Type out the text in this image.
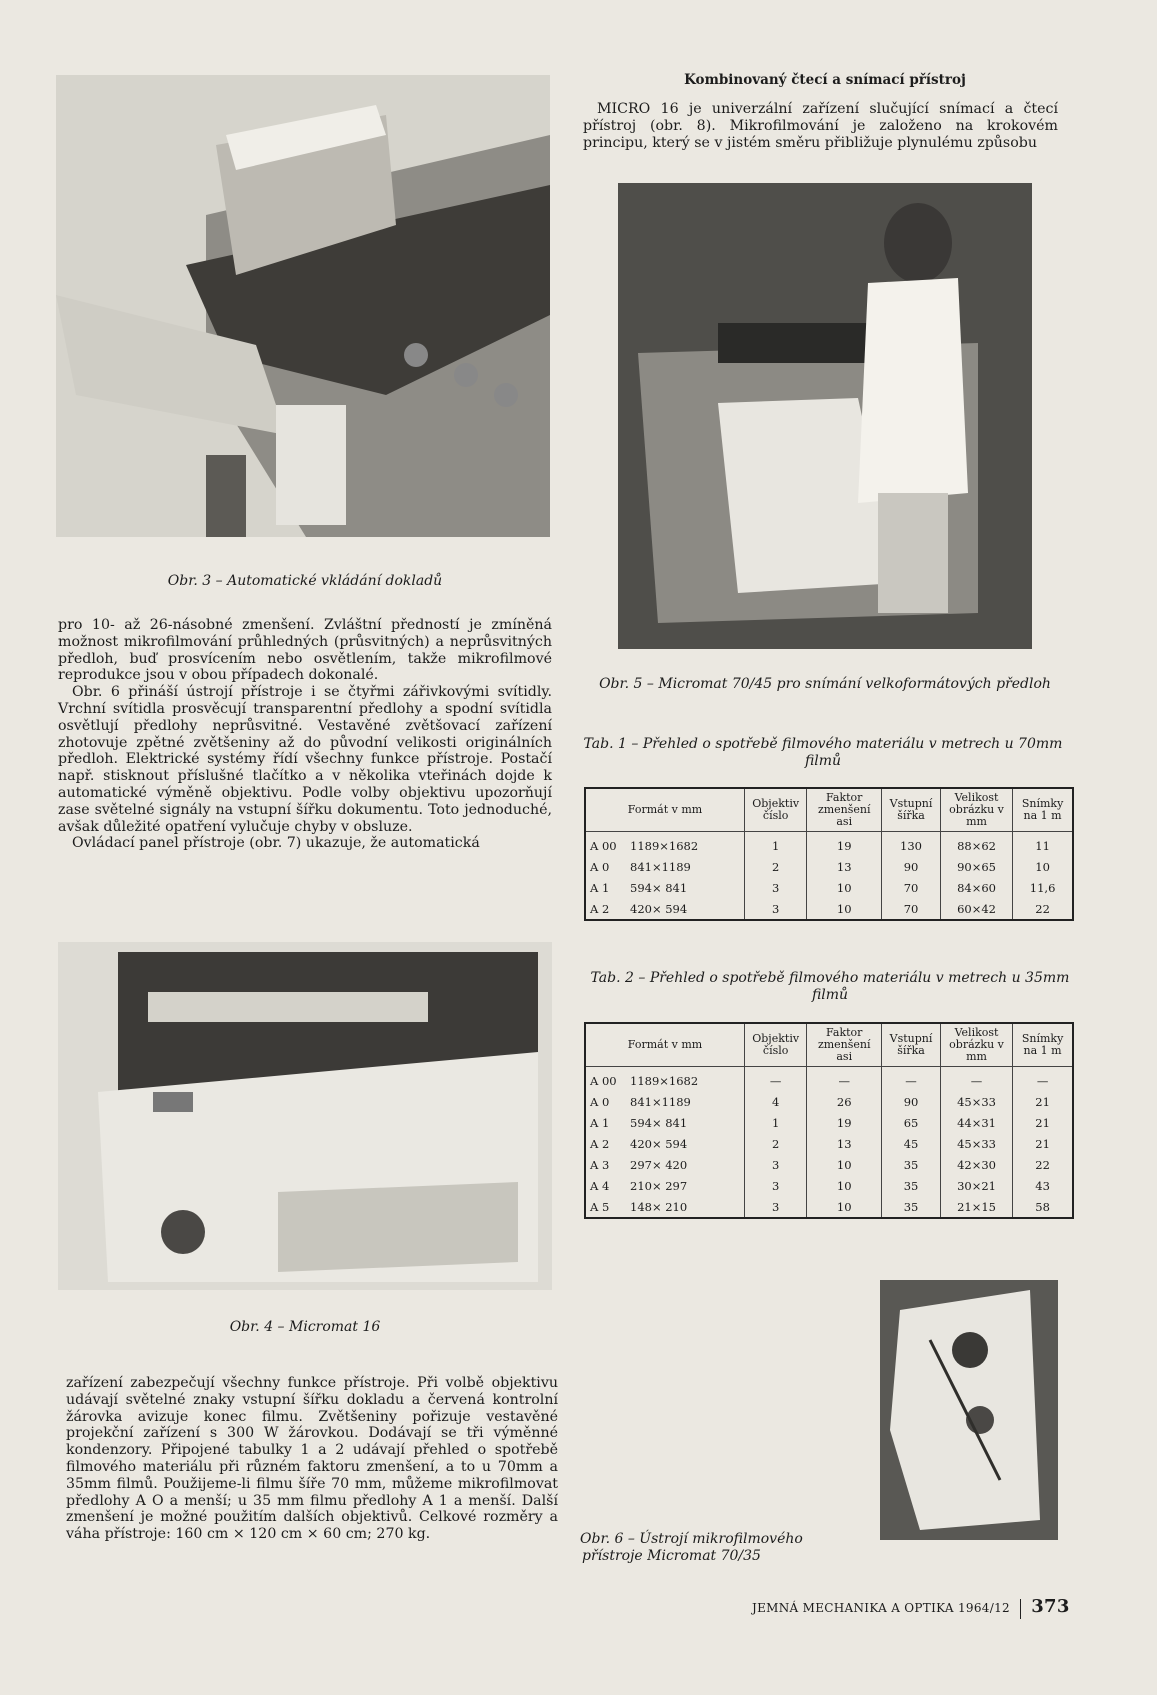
Obr. 3 – Automatické vkládání dokladů
Kombinovaný čtecí a snímací přístroj

MICRO 16 je univerzální zařízení slučující snímací a čtecí přístroj (obr. 8). Mikrofilmování je založeno na krokovém principu, který se v jistém směru přibližuje plynulému způsobu

Obr. 5 – Micromat 70/45 pro snímání velkoformátových předloh

pro 10- až 26-násobné zmenšení. Zvláštní předností je zmíněná možnost mikrofilmování průhledných (průsvitných) a neprůsvitných předloh, buď prosvícením nebo osvětlením, takže mikrofilmové reprodukce jsou v obou případech dokonalé.

Obr. 6 přináší ústrojí přístroje i se čtyřmi zářivkovými svítidly. Vrchní svítidla prosvěcují transparentní předlohy a spodní svítidla osvětlují předlohy neprůsvitné. Vestavěné zvětšovací zařízení zhotovuje zpětné zvětšeniny až do původní velikosti originálních předloh. Elektrické systémy řídí všechny funkce přístroje. Postačí např. stisknout příslušné tlačítko a v několika vteřinách dojde k automatické výměně objektivu. Podle volby objektivu upozorňují zase světelné signály na vstupní šířku dokumentu. Toto jednoduché, avšak důležité opatření vylučuje chyby v obsluze.

Ovládací panel přístroje (obr. 7) ukazuje, že automatická

Tab. 1 – Přehled o spotřebě filmového materiálu v metrech u 70mm filmů
Formát v mm	Objektiv číslo	Faktor zmenšení asi	Vstupní šířka	Velikost obrázku v mm	Snímky na 1 m
A 00 1189×1682	1	19	130	88×62	11
A 0 841×1189	2	13	90	90×65	10
A 1 594× 841	3	10	70	84×60	11,6
A 2 420× 594	3	10	70	60×42	22
Tab. 2 – Přehled o spotřebě filmového materiálu v metrech u 35mm filmů
Formát v mm	Objektiv číslo	Faktor zmenšení asi	Vstupní šířka	Velikost obrázku v mm	Snímky na 1 m
A 00 1189×1682	—	—	—	—	—
A 0 841×1189	4	26	90	45×33	21
A 1 594× 841	1	19	65	44×31	21
A 2 420× 594	2	13	45	45×33	21
A 3 297× 420	3	10	35	42×30	22
A 4 210× 297	3	10	35	30×21	43
A 5 148× 210	3	10	35	21×15	58
Obr. 4 – Micromat 16

zařízení zabezpečují všechny funkce přístroje. Při volbě objektivu udávají světelné znaky vstupní šířku dokladu a červená kontrolní žárovka avizuje konec filmu. Zvětšeniny pořizuje vestavěné projekční zařízení s 300 W žárovkou. Dodávají se tři výměnné kondenzory. Připojené tabulky 1 a 2 udávají přehled o spotřebě filmového materiálu při různém faktoru zmenšení, a to u 70mm a 35mm filmů. Použijeme-li filmu šíře 70 mm, můžeme mikrofilmovat předlohy A O a menší; u 35 mm filmu předlohy A 1 a menší. Další zmenšení je možné použitím dalších objektivů. Celkové rozměry a váha přístroje: 160 cm × 120 cm × 60 cm; 270 kg.	Obr. 6 – Ústrojí mikrofilmového
přístroje Micromat 70/35
JEMNÁ MECHANIKA A OPTIKA 1964/12 373
